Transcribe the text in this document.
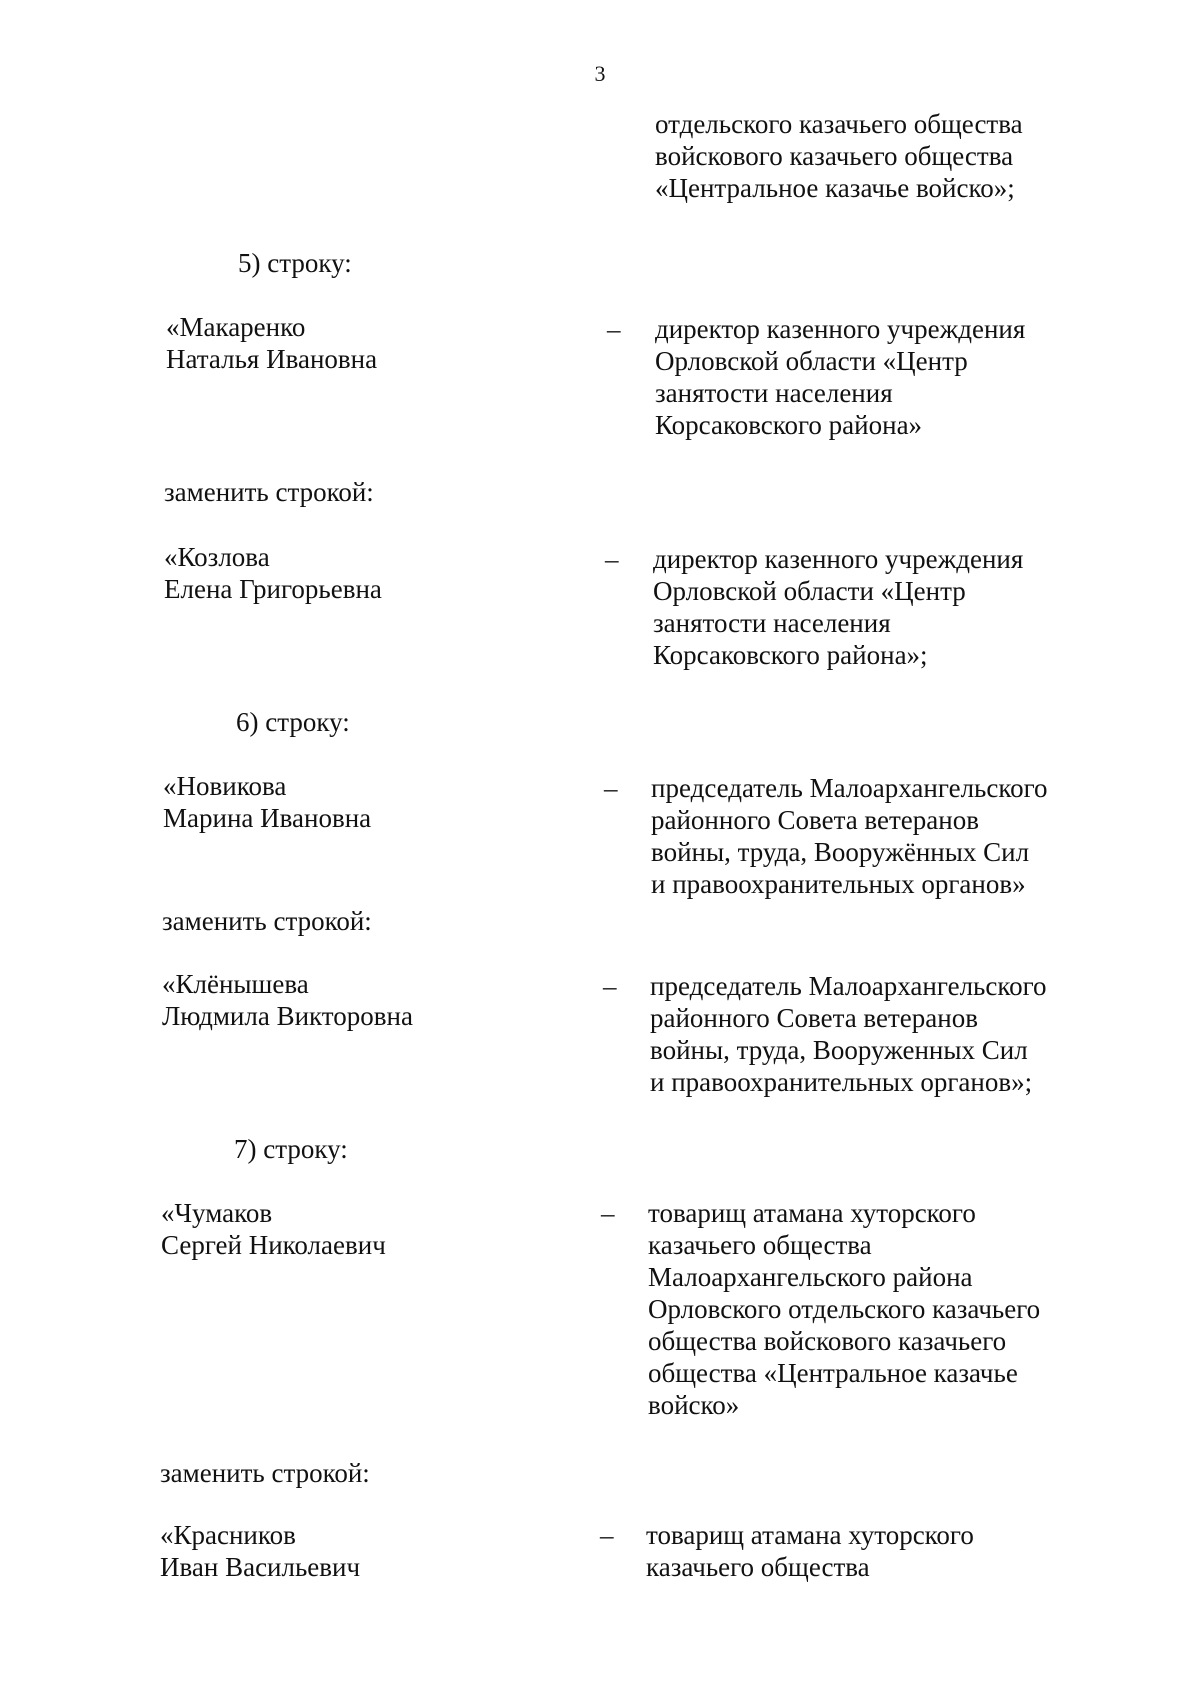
3
отдельского казачьего общества
войскового казачьего общества
«Центральное казачье войско»;
5) строку:
«Макаренко
Наталья Ивановна
– директор казенного учреждения
Орловской области «Центр
занятости населения
Корсаковского района»
заменить строкой:
«Козлова
Елена Григорьевна
– директор казенного учреждения
Орловской области «Центр
занятости населения
Корсаковского района»;
6) строку:
«Новикова
Марина Ивановна
– председатель Малоархангельского
районного Совета ветеранов
войны, труда, Вооружённых Сил
и правоохранительных органов»
заменить строкой:
«Клёнышева
Людмила Викторовна
– председатель Малоархангельского
районного Совета ветеранов
войны, труда, Вооруженных Сил
и правоохранительных органов»;
7) строку:
«Чумаков
Сергей Николаевич
– товарищ атамана хуторского
казачьего общества
Малоархангельского района
Орловского отдельского казачьего
общества войскового казачьего
общества «Центральное казачье
войско»
заменить строкой:
«Красников
Иван Васильевич
– товарищ атамана хуторского
казачьего общества
